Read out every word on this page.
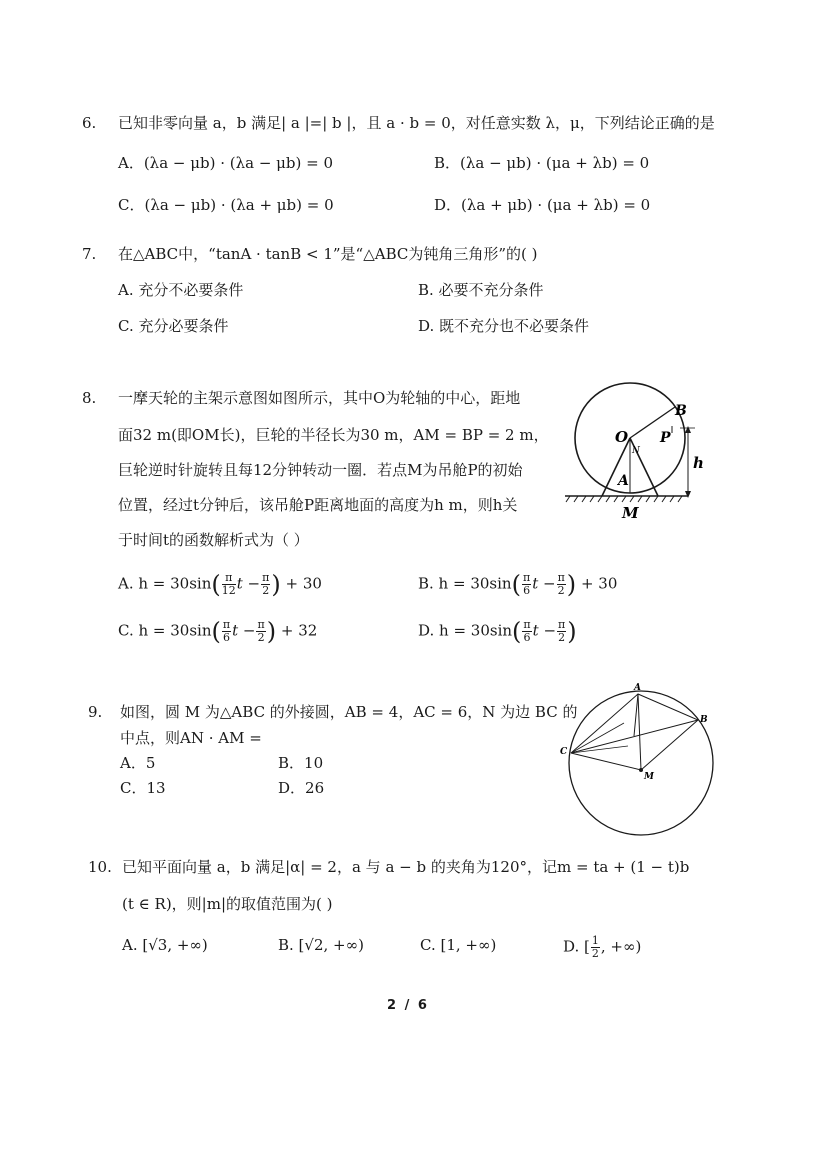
6. 已知非零向量 a，b 满足| a |=| b |，且 a · b = 0，对任意实数 λ，μ，下列结论正确的是
A．(λa − μb) · (λa − μb) = 0	B．(λa − μb) · (μa + λb) = 0
C．(λa − μb) · (λa + μb) = 0	D．(λa + μb) · (μa + λb) = 0
7. 在△ABC中，“tanA · tanB < 1”是“△ABC为钝角三角形”的( )
A. 充分不必要条件	B. 必要不充分条件
C. 充分必要条件	D. 既不充分也不必要条件
8. 一摩天轮的主架示意图如图所示，其中O为轮轴的中心，距地
面32 m(即OM长)，巨轮的半径长为30 m，AM = BP = 2 m，
巨轮逆时针旋转且每12分钟转动一圈．若点M为吊舱P的初始
位置，经过t分钟后，该吊舱P距离地面的高度为h m，则h关
于时间t的函数解析式为（ ）
A. $h = 30\sin( \frac{\pi}{12}$ $t - \frac{\pi}{2}$ ) + 30	B. $h = 30\sin( \frac{\pi}{6}$ $t - \frac{\pi}{2}$ ) + 30
C. $h = 30\sin( \frac{\pi}{6}$ $t - \frac{\pi}{2}$ ) + 32	D. $h = 30\sin( \frac{\pi}{6}$ $t - \frac{\pi}{2}$ )
O
N
B
P
A
M
h
9. 如图，圆 M 为△ABC 的外接圆，AB = 4，AC = 6，N 为边 BC 的
中点，则AN · AM =
A．5	B．10
C．13	D．26
A
B
C
M
10. 已知平面向量 a，b 满足|α| = 2，a 与 a − b 的夹角为120°，记m = ta + (1 − t)b
(t ∈ R)，则|m|的取值范围为( )
A. [√3, +∞)	B. [√2, +∞)	C. [1, +∞)	D. [ $\frac{1}{2}$ , +∞)
2 / 6
